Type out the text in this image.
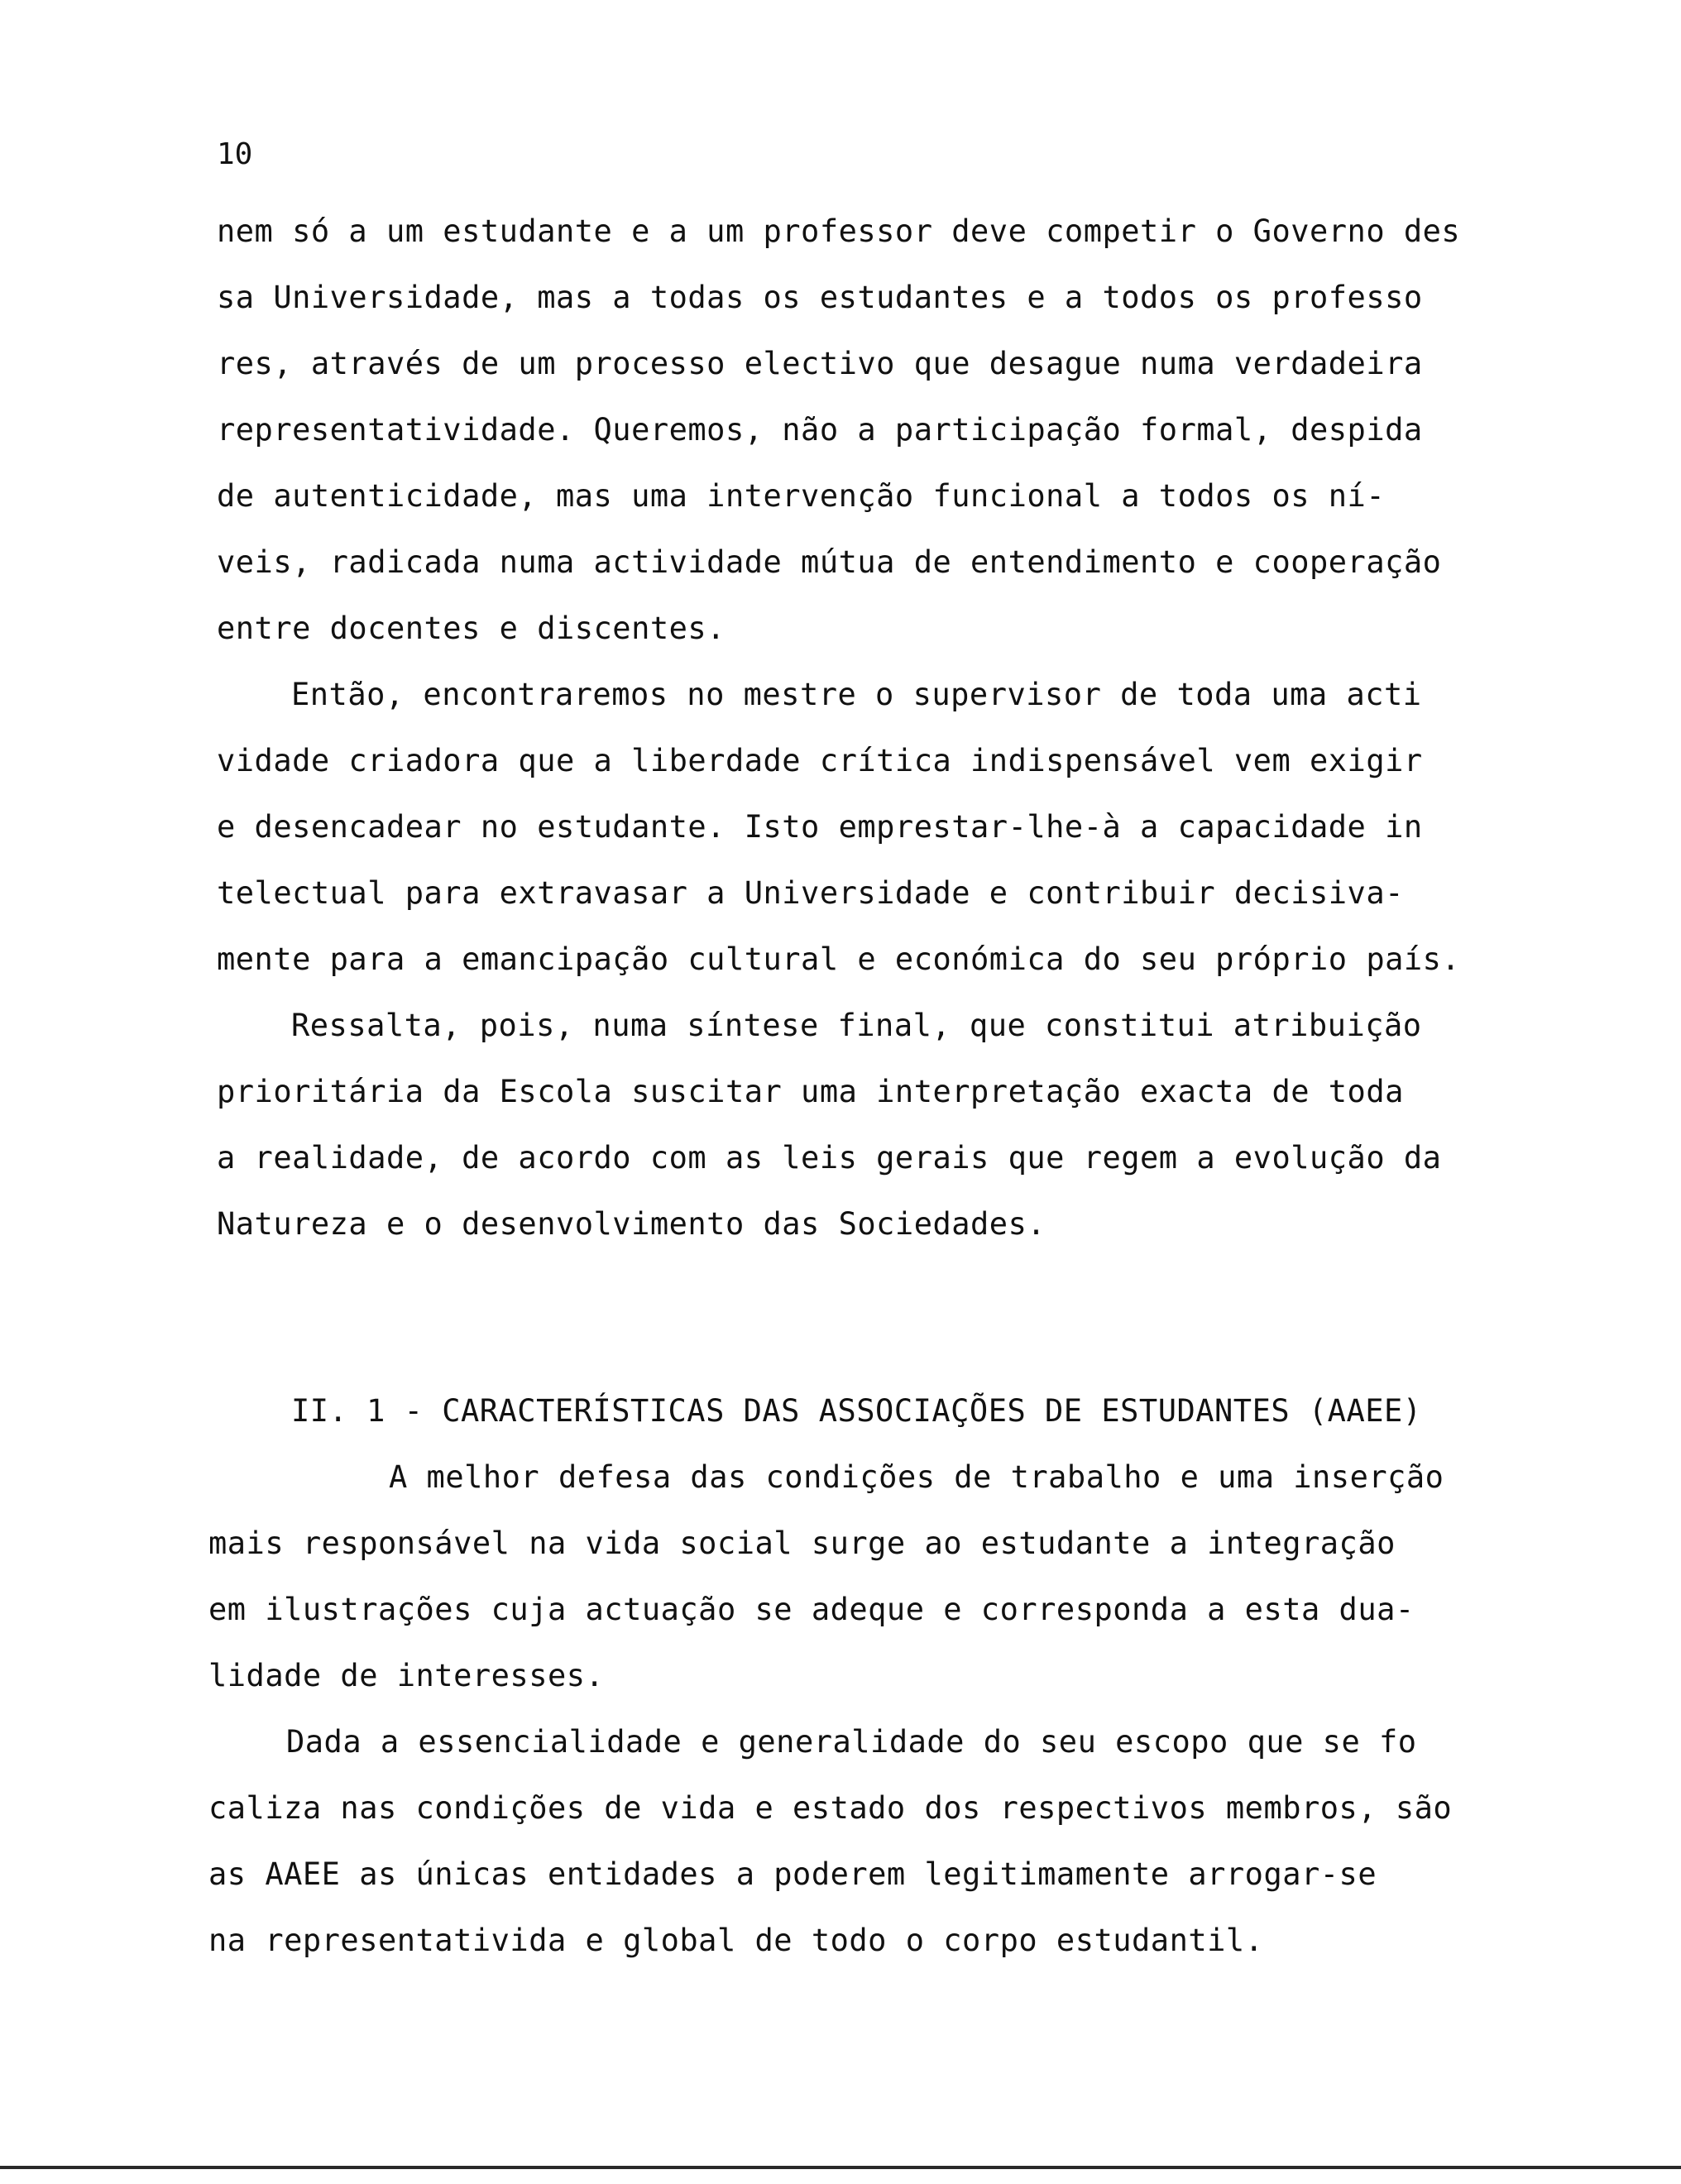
10
nem só a um estudante e a um professor deve competir o Governo des
sa Universidade, mas a todas os estudantes e a todos os professo
res, através de um processo electivo que desague numa verdadeira
representatividade. Queremos, não a participação formal, despida
de autenticidade, mas uma intervenção funcional a todos os ní-
veis, radicada numa actividade mútua de entendimento e cooperação
entre docentes e discentes.
Então, encontraremos no mestre o supervisor de toda uma acti
vidade criadora que a liberdade crítica indispensável vem exigir
e desencadear no estudante. Isto emprestar-lhe-à a capacidade in
telectual para extravasar a Universidade e contribuir decisiva-
mente para a emancipação cultural e económica do seu próprio país.
Ressalta, pois, numa síntese final, que constitui atribuição
prioritária da Escola suscitar uma interpretação exacta de toda
a realidade, de acordo com as leis gerais que regem a evolução da
Natureza e o desenvolvimento das Sociedades.
II. 1 - CARACTERÍSTICAS DAS ASSOCIAÇÕES DE ESTUDANTES (AAEE)
A melhor defesa das condições de trabalho e uma inserção
mais responsável na vida social surge ao estudante a integração
em ilustrações cuja actuação se adeque e corresponda a esta dua-
lidade de interesses.
Dada a essencialidade e generalidade do seu escopo que se fo
caliza nas condições de vida e estado dos respectivos membros, são
as AAEE as únicas entidades a poderem legitimamente arrogar-se
na representativida e global de todo o corpo estudantil.
